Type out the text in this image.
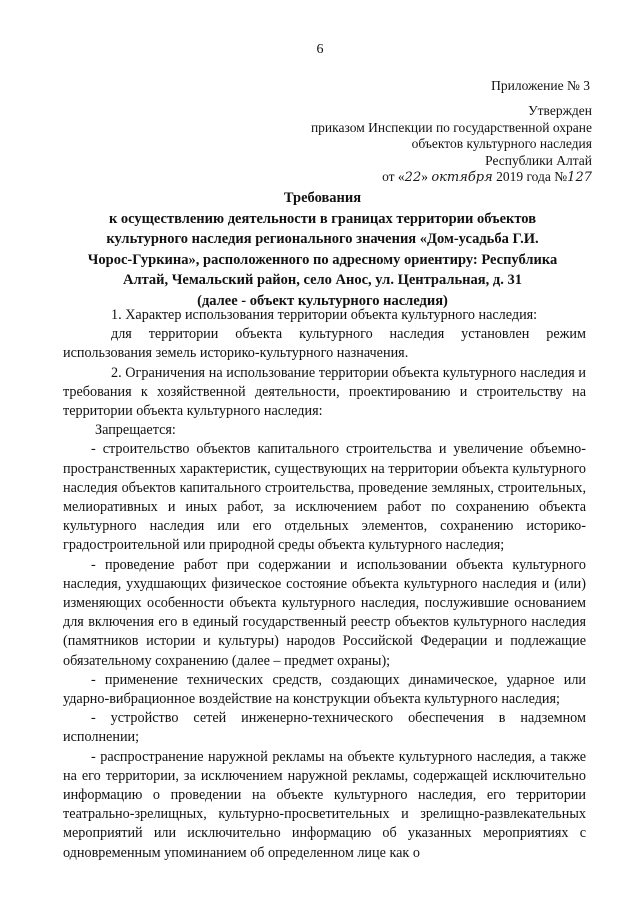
6
Приложение № 3
Утвержден
приказом Инспекции по государственной охране
объектов культурного наследия
Республики Алтай
от «22» октября 2019 года №127
Требования
к осуществлению деятельности в границах территории объектов
культурного наследия регионального значения «Дом-усадьба Г.И.
Чорос-Гуркина», расположенного по адресному ориентиру: Республика
Алтай, Чемальский район, село Анос, ул. Центральная, д. 31
(далее - объект культурного наследия)

1. Характер использования территории объекта культурного наследия:

для территории объекта культурного наследия установлен режим использования земель историко-культурного назначения.

2. Ограничения на использование территории объекта культурного наследия и требования к хозяйственной деятельности, проектированию и строительству на территории объекта культурного наследия:

Запрещается:

- строительство объектов капитального строительства и увеличение объемно-пространственных характеристик, существующих на территории объекта культурного наследия объектов капитального строительства, проведение земляных, строительных, мелиоративных и иных работ, за исключением работ по сохранению объекта культурного наследия или его отдельных элементов, сохранению историко-градостроительной или природной среды объекта культурного наследия;

- проведение работ при содержании и использовании объекта культурного наследия, ухудшающих физическое состояние объекта культурного наследия и (или) изменяющих особенности объекта культурного наследия, послужившие основанием для включения его в единый государственный реестр объектов культурного наследия (памятников истории и культуры) народов Российской Федерации и подлежащие обязательному сохранению (далее – предмет охраны);

- применение технических средств, создающих динамическое, ударное или ударно-вибрационное воздействие на конструкции объекта культурного наследия;

- устройство сетей инженерно-технического обеспечения в надземном исполнении;

- распространение наружной рекламы на объекте культурного наследия, а также на его территории, за исключением наружной рекламы, содержащей исключительно информацию о проведении на объекте культурного наследия, его территории театрально-зрелищных, культурно-просветительных и зрелищно-развлекательных мероприятий или исключительно информацию об указанных мероприятиях с одновременным упоминанием об определенном лице как о
